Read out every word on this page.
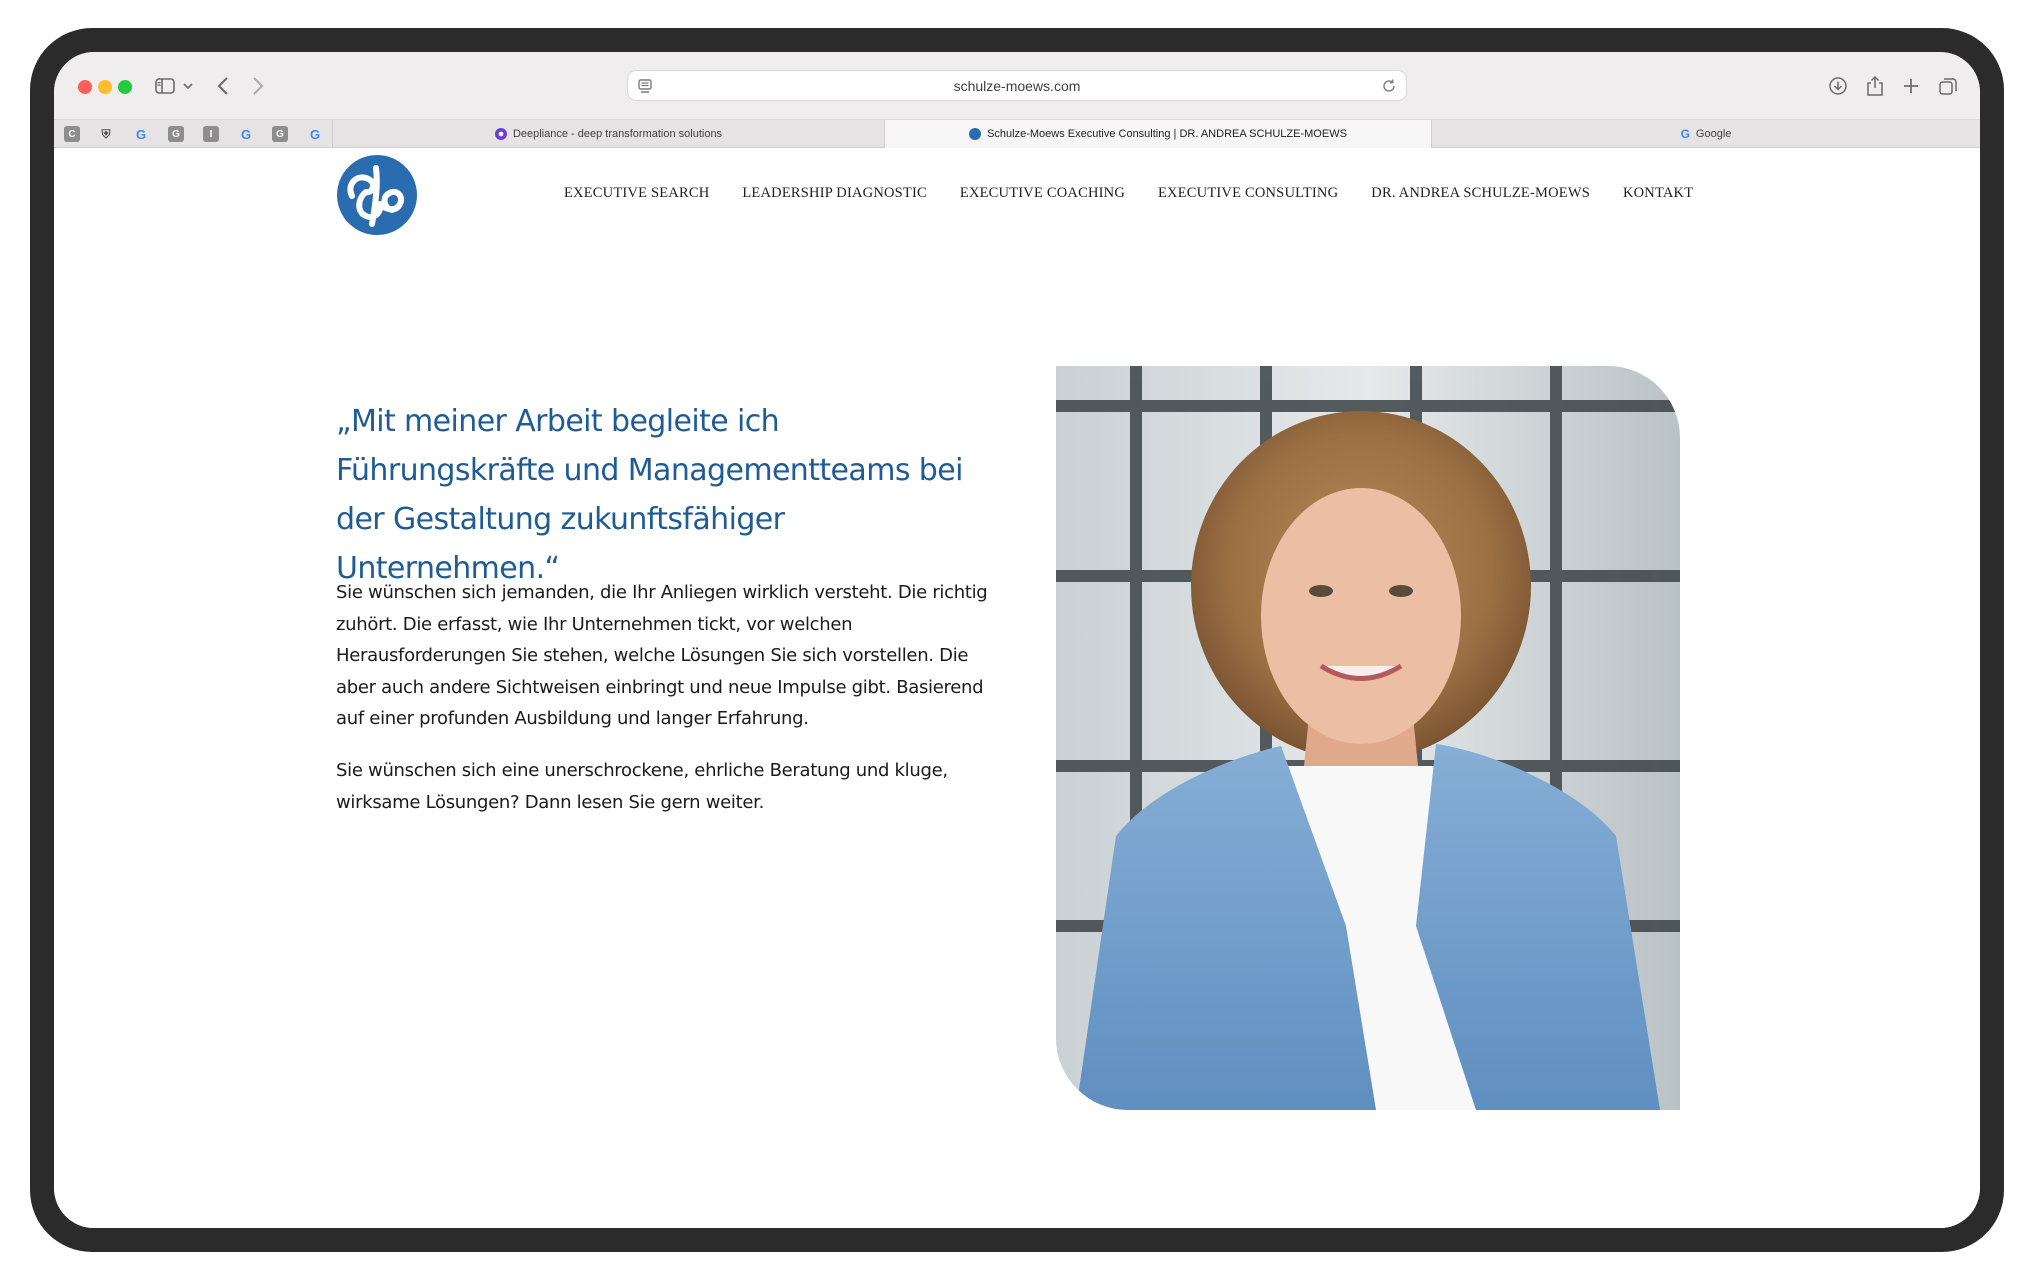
schulze-moews.com
C	⛨ G	G	I	G	G	G	Deepliance - deep transformation solutions	Schulze-Moews Executive Consulting | DR. ANDREA SCHULZE-MOEWS	G Google
EXECUTIVE SEARCH LEADERSHIP DIAGNOSTIC EXECUTIVE COACHING EXECUTIVE CONSULTING DR. ANDREA SCHULZE-MOEWS KONTAKT
„Mit meiner Arbeit begleite ich Führungskräfte und Managementteams bei der Gestaltung zukunftsfähiger Unternehmen.“

Sie wünschen sich jemanden, die Ihr Anliegen wirklich versteht. Die richtig zuhört. Die erfasst, wie Ihr Unternehmen tickt, vor welchen Herausforderungen Sie stehen, welche Lösungen Sie sich vorstellen. Die aber auch andere Sichtweisen einbringt und neue Impulse gibt. Basierend auf einer profunden Ausbildung und langer Erfahrung.

Sie wünschen sich eine unerschrockene, ehrliche Beratung und kluge, wirksame Lösungen? Dann lesen Sie gern weiter.
